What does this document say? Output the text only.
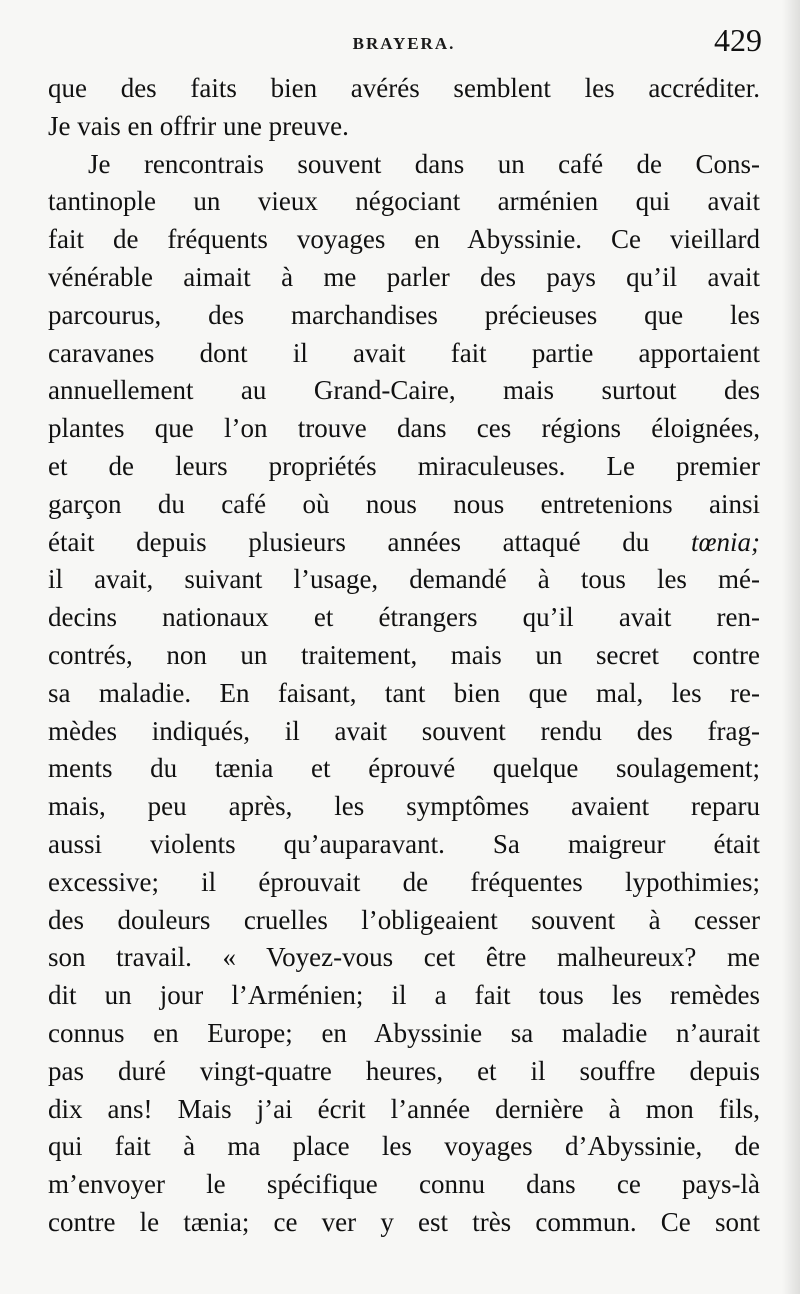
BRAYERA.	429
que des faits bien avérés semblent les accréditer.
Je vais en offrir une preuve.
Je rencontrais souvent dans un café de Cons-
tantinople un vieux négociant arménien qui avait
fait de fréquents voyages en Abyssinie. Ce vieillard
vénérable aimait à me parler des pays qu’il avait
parcourus, des marchandises précieuses que les
caravanes dont il avait fait partie apportaient
annuellement au Grand-Caire, mais surtout des
plantes que l’on trouve dans ces régions éloignées,
et de leurs propriétés miraculeuses. Le premier
garçon du café où nous nous entretenions ainsi
était depuis plusieurs années attaqué du tœnia;
il avait, suivant l’usage, demandé à tous les mé-
decins nationaux et étrangers qu’il avait ren-
contrés, non un traitement, mais un secret contre
sa maladie. En faisant, tant bien que mal, les re-
mèdes indiqués, il avait souvent rendu des frag-
ments du tænia et éprouvé quelque soulagement;
mais, peu après, les symptômes avaient reparu
aussi violents qu’auparavant. Sa maigreur était
excessive; il éprouvait de fréquentes lypothimies;
des douleurs cruelles l’obligeaient souvent à cesser
son travail. « Voyez-vous cet être malheureux? me
dit un jour l’Arménien; il a fait tous les remèdes
connus en Europe; en Abyssinie sa maladie n’aurait
pas duré vingt-quatre heures, et il souffre depuis
dix ans! Mais j’ai écrit l’année dernière à mon fils,
qui fait à ma place les voyages d’Abyssinie, de
m’envoyer le spécifique connu dans ce pays-là
contre le tænia; ce ver y est très commun. Ce sont
